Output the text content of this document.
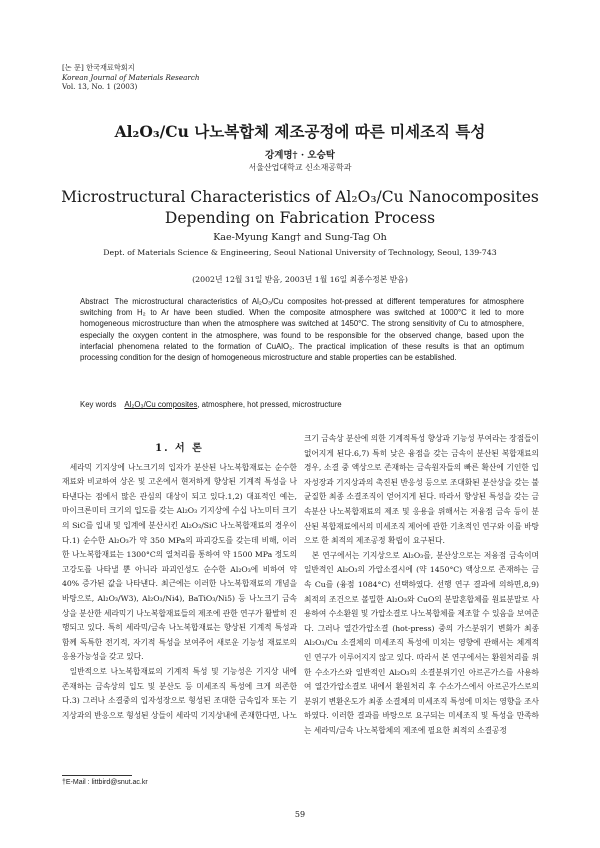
[논 문] 한국재료학회지
Korean Journal of Materials Research
Vol. 13, No. 1 (2003)
Al₂O₃/Cu 나노복합체 제조공정에 따른 미세조직 특성
강계명† · 오승탁
서울산업대학교 신소재공학과
Microstructural Characteristics of Al₂O₃/Cu Nanocomposites
Depending on Fabrication Process
Kae-Myung Kang† and Sung-Tag Oh
Dept. of Materials Science & Engineering, Seoul National University of Technology, Seoul, 139-743
(2002년 12월 31일 받음, 2003년 1월 16일 최종수정본 받음)
Abstract The microstructural characteristics of Al₂O₃/Cu composites hot-pressed at different temperatures for atmosphere switching from H₂ to Ar have been studied. When the composite atmosphere was switched at 1000°C it led to more homogeneous microstructure than when the atmosphere was switched at 1450°C. The strong sensitivity of Cu to atmosphere, especially the oxygen content in the atmosphere, was found to be responsible for the observed change, based upon the interfacial phenomena related to the formation of CuAlO₂. The practical implication of these results is that an optimum processing condition for the design of homogeneous microstructure and stable properties can be established.
Key words Al₂O₃/Cu composites, atmosphere, hot pressed, microstructure
1. 서 론
세라믹 기지상에 나노크기의 입자가 분산된 나노복합재료는 순수한 재료와 비교하여 상온 및 고온에서 현저하게 향상된 기계적 특성을 나타낸다는 점에서 많은 관심의 대상이 되고 있다.1,2) 대표적인 예는, 마이크론미터 크기의 입도를 갖는 Al₂O₃ 기지상에 수십 나노미터 크기의 SiC를 입내 및 입계에 분산시킨 Al₂O₃/SiC 나노복합재료의 경우이다.1) 순수한 Al₂O₃가 약 350 MPa의 파괴강도를 갖는데 비해, 이러한 나노복합재료는 1300°C의 열처리를 통하여 약 1500 MPa 정도의 고강도를 나타낼 뿐 아니라 파괴인성도 순수한 Al₂O₃에 비하여 약 40% 증가된 값을 나타낸다. 최근에는 이러한 나노복합재료의 개념을 바탕으로, Al₂O₃/W3), Al₂O₃/Ni4), BaTiO₃/Ni5) 등 나노크기 금속상을 분산한 세라믹기 나노복합재료들의 제조에 관한 연구가 활발히 진행되고 있다. 특히 세라믹/금속 나노복합재료는 향상된 기계적 특성과 함께 독특한 전기적, 자기적 특성을 보여주어 새로운 기능성 재료로의 응용가능성을 갖고 있다.
일반적으로 나노복합재료의 기계적 특성 및 기능성은 기지상 내에 존재하는 금속상의 입도 및 분산도 등 미세조직 특성에 크게 의존한다.3) 그러나 소결중의 입자성장으로 형성된 조대한 금속입자 또는 기지상과의 반응으로 형성된 상들이 세라믹 기지상내에 존재한다면, 나노
크기 금속상 분산에 의한 기계적특성 향상과 기능성 부여라는 장점들이 없어지게 된다.6,7) 특히 낮은 융점을 갖는 금속이 분산된 복합재료의 경우, 소결 중 액상으로 존재하는 금속원자들의 빠른 확산에 기인한 입자성장과 기지상과의 촉진된 반응성 등으로 조대화된 분산상을 갖는 불균질한 최종 소결조직이 얻어지게 된다. 따라서 향상된 특성을 갖는 금속분산 나노복합재료의 제조 및 응용을 위해서는 저융점 금속 등이 분산된 복합재료에서의 미세조직 제어에 관한 기초적인 연구와 이를 바탕으로 한 최적의 제조공정 확립이 요구된다.
본 연구에서는 기지상으로 Al₂O₃를, 분산상으로는 저융점 금속이며 일반적인 Al₂O₃의 가압소결시에 (약 1450°C) 액상으로 존재하는 금속 Cu를 (융점 1084°C) 선택하였다. 선행 연구 결과에 의하면,8,9) 최적의 조건으로 볼밀한 Al₂O₃와 CuO의 분말혼합체를 원료분말로 사용하여 수소환원 및 가압소결로 나노복합체를 제조할 수 있음을 보여준다. 그러나 열간가압소결 (hot-press) 중의 가스분위기 변화가 최종 Al₂O₃/Cu 소결체의 미세조직 특성에 미치는 영향에 관해서는 체계적인 연구가 이루어지지 않고 있다. 따라서 본 연구에서는 환원처리를 위한 수소가스와 일반적인 Al₂O₃의 소결분위기인 아르곤가스를 사용하여 열간가압소결로 내에서 환원처리 후 수소가스에서 아르곤가스로의 분위기 변환온도가 최종 소결체의 미세조직 특성에 미치는 영향을 조사하였다. 이러한 결과를 바탕으로 요구되는 미세조직 및 특성을 만족하는 세라믹/금속 나노복합체의 제조에 필요한 최적의 소결공정
†E-Mail : littbird@snut.ac.kr
59
